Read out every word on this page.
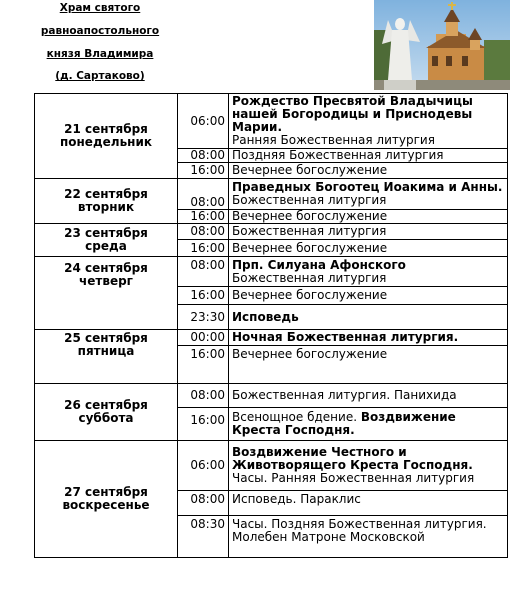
Храм святого
равноапостольного
князя Владимира
(д. Сартаково)
21 сентября
понедельник	06:00	Рождество Пресвятой Владычицы нашей Богородицы и Приснодевы Марии.
Ранняя Божественная литургия

	08:00	Поздняя Божественная литургия
	16:00	Вечернее богослужение

22 сентября
вторник	08:00	Праведных Богоотец Иоакима и Анны. Божественная литургия
	16:00	Вечернее богослужение

23 сентября
среда	08:00	Божественная литургия
	16:00	Вечернее богослужение

24 сентября
четверг	08:00	Прп. Силуана Афонского
Божественная литургия

	16:00	Вечернее богослужение
	23:30	Исповедь

25 сентября
пятница	00:00	Ночная Божественная литургия.
	16:00	Вечернее богослужение

26 сентября
суббота	08:00	Божественная литургия. Панихида
	16:00	Всенощное бдение. Воздвижение Креста Господня.

27 сентября
воскресенье	06:00	Воздвижение Честного и Животворящего Креста Господня.
Часы. Ранняя Божественная литургия

	08:00	Исповедь. Параклис
	08:30	Часы. Поздняя Божественная литургия.
Молебен Матроне Московской
